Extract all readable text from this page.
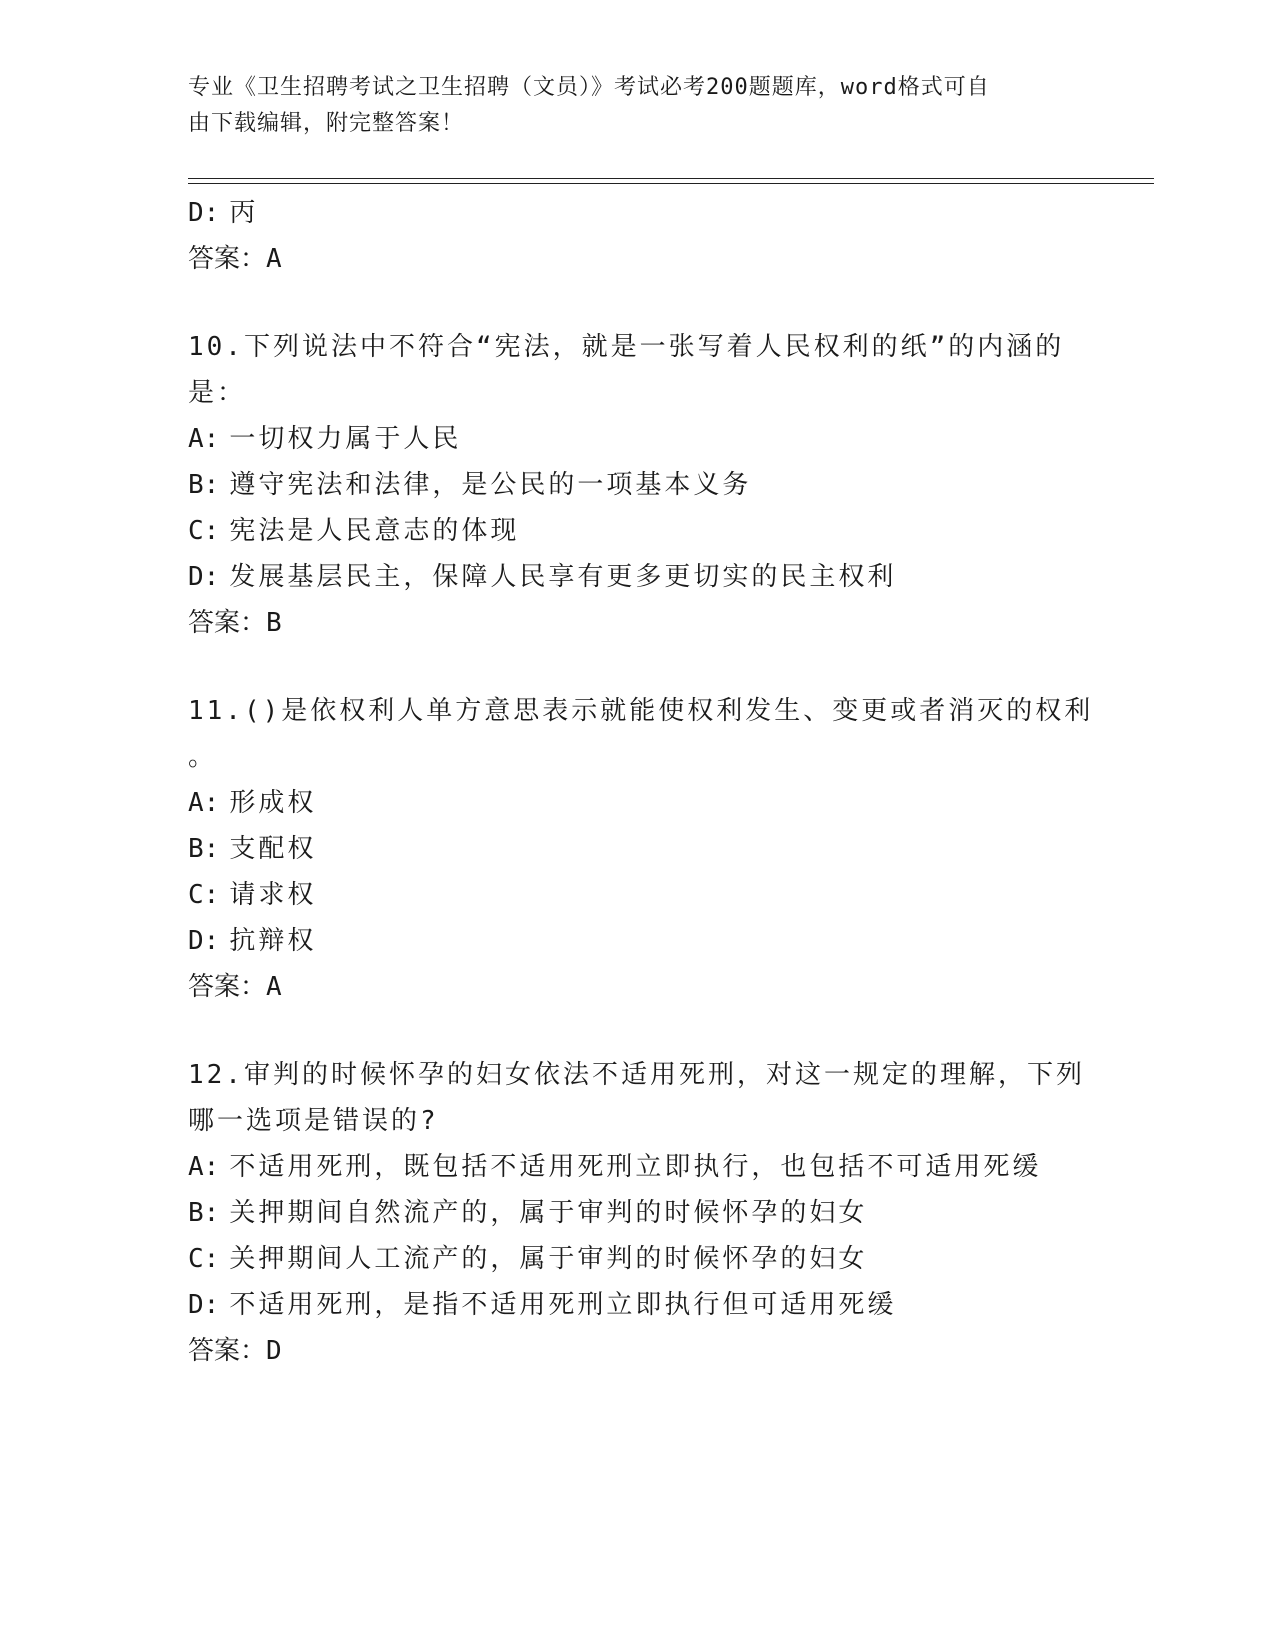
专业《卫生招聘考试之卫生招聘（文员）》考试必考200题题库，word格式可自
由下载编辑，附完整答案！
D: 丙
答案：A
10.下列说法中不符合“宪法，就是一张写着人民权利的纸”的内涵的
是：
A: 一切权力属于人民
B: 遵守宪法和法律，是公民的一项基本义务
C: 宪法是人民意志的体现
D: 发展基层民主，保障人民享有更多更切实的民主权利
答案：B
11.()是依权利人单方意思表示就能使权利发生、变更或者消灭的权利
。
A: 形成权
B: 支配权
C: 请求权
D: 抗辩权
答案：A
12.审判的时候怀孕的妇女依法不适用死刑，对这一规定的理解，下列
哪一选项是错误的?
A: 不适用死刑，既包括不适用死刑立即执行，也包括不可适用死缓
B: 关押期间自然流产的，属于审判的时候怀孕的妇女
C: 关押期间人工流产的，属于审判的时候怀孕的妇女
D: 不适用死刑，是指不适用死刑立即执行但可适用死缓
答案：D
